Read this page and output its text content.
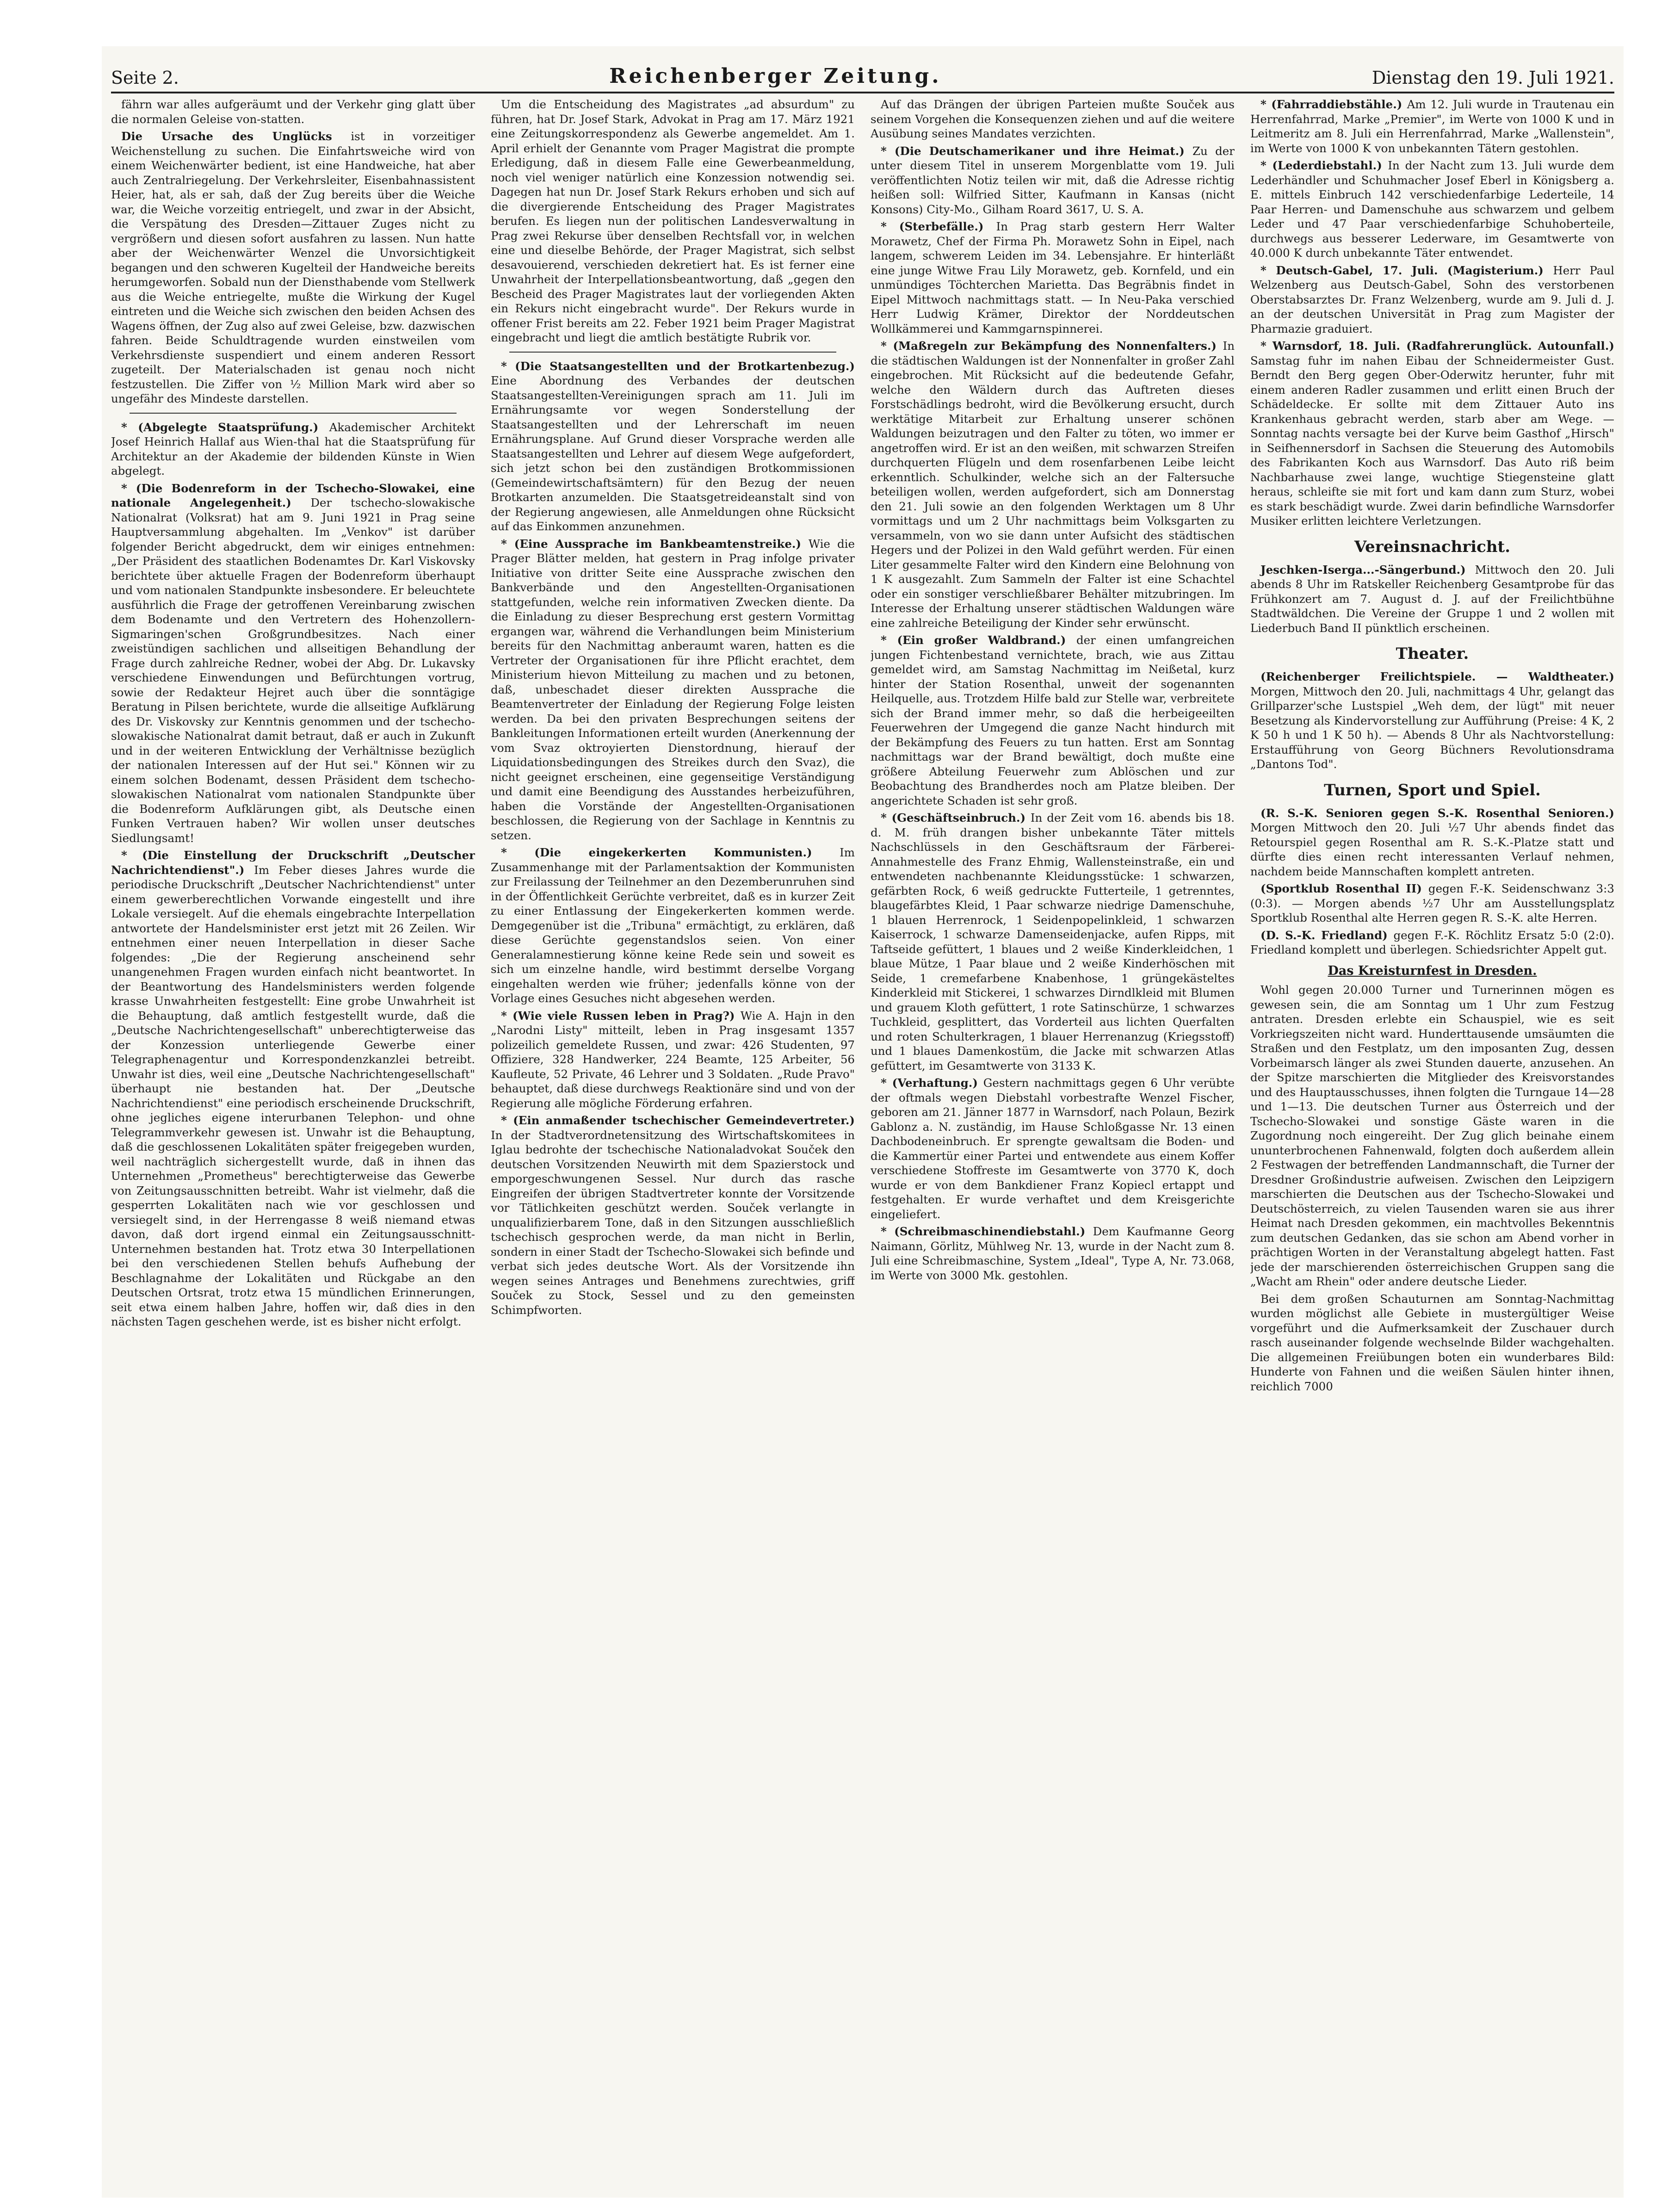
Seite 2.	Reichenberger Zeitung.	Dienstag den 19. Juli 1921.

fährn war alles aufgeräumt und der Verkehr ging glatt über die normalen Geleise von-statten.

Die Ursache des Unglücks ist in vorzeitiger Weichenstellung zu suchen. Die Einfahrtsweiche wird von einem Weichenwärter bedient, ist eine Handweiche, hat aber auch Zentralriegelung. Der Verkehrsleiter, Eisenbahnassistent Heier, hat, als er sah, daß der Zug bereits über die Weiche war, die Weiche vorzeitig entriegelt, und zwar in der Absicht, die Verspätung des Dresden—Zittauer Zuges nicht zu vergrößern und diesen sofort ausfahren zu lassen. Nun hatte aber der Weichenwärter Wenzel die Unvorsichtigkeit begangen und den schweren Kugelteil der Handweiche bereits herumgeworfen. Sobald nun der Diensthabende vom Stellwerk aus die Weiche entriegelte, mußte die Wirkung der Kugel eintreten und die Weiche sich zwischen den beiden Achsen des Wagens öffnen, der Zug also auf zwei Geleise, bzw. dazwischen fahren. Beide Schuldtragende wurden einstweilen vom Verkehrsdienste suspendiert und einem anderen Ressort zugeteilt. Der Materialschaden ist genau noch nicht festzustellen. Die Ziffer von ½ Million Mark wird aber so ungefähr des Mindeste darstellen.

* (Abgelegte Staatsprüfung.) Akademischer Architekt Josef Heinrich Hallaf aus Wien-thal hat die Staatsprüfung für Architektur an der Akademie der bildenden Künste in Wien abgelegt.

* (Die Bodenreform in der Tschecho-Slowakei, eine nationale Angelegenheit.) Der tschecho-slowakische Nationalrat (Volksrat) hat am 9. Juni 1921 in Prag seine Hauptversammlung abgehalten. Im „Venkov" ist darüber folgender Bericht abgedruckt, dem wir einiges entnehmen: „Der Präsident des staatlichen Bodenamtes Dr. Karl Viskovsky berichtete über aktuelle Fragen der Bodenreform überhaupt und vom nationalen Standpunkte insbesondere. Er beleuchtete ausführlich die Frage der getroffenen Vereinbarung zwischen dem Bodenamte und den Vertretern des Hohenzollern-Sigmaringen'schen Großgrundbesitzes. Nach einer zweistündigen sachlichen und allseitigen Behandlung der Frage durch zahlreiche Redner, wobei der Abg. Dr. Lukavsky verschiedene Einwendungen und Befürchtungen vortrug, sowie der Redakteur Hejret auch über die sonntägige Beratung in Pilsen berichtete, wurde die allseitige Aufklärung des Dr. Viskovsky zur Kenntnis genommen und der tschecho-slowakische Nationalrat damit betraut, daß er auch in Zukunft und in der weiteren Entwicklung der Verhältnisse bezüglich der nationalen Interessen auf der Hut sei." Können wir zu einem solchen Bodenamt, dessen Präsident dem tschecho-slowakischen Nationalrat vom nationalen Standpunkte über die Bodenreform Aufklärungen gibt, als Deutsche einen Funken Vertrauen haben? Wir wollen unser deutsches Siedlungsamt!

* (Die Einstellung der Druckschrift „Deutscher Nachrichtendienst".) Im Feber dieses Jahres wurde die periodische Druckschrift „Deutscher Nachrichtendienst" unter einem gewerberechtlichen Vorwande eingestellt und ihre Lokale versiegelt. Auf die ehemals eingebrachte Interpellation antwortete der Handelsminister erst jetzt mit 26 Zeilen. Wir entnehmen einer neuen Interpellation in dieser Sache folgendes: „Die der Regierung anscheinend sehr unangenehmen Fragen wurden einfach nicht beantwortet. In der Beantwortung des Handelsministers werden folgende krasse Unwahrheiten festgestellt: Eine grobe Unwahrheit ist die Behauptung, daß amtlich festgestellt wurde, daß die „Deutsche Nachrichtengesellschaft" unberechtigterweise das der Konzession unterliegende Gewerbe einer Telegraphenagentur und Korrespondenzkanzlei betreibt. Unwahr ist dies, weil eine „Deutsche Nachrichtengesellschaft" überhaupt nie bestanden hat. Der „Deutsche Nachrichtendienst" eine periodisch erscheinende Druckschrift, ohne jegliches eigene interurbanen Telephon- und ohne Telegrammverkehr gewesen ist. Unwahr ist die Behauptung, daß die geschlossenen Lokalitäten später freigegeben wurden, weil nachträglich sichergestellt wurde, daß in ihnen das Unternehmen „Prometheus" berechtigterweise das Gewerbe von Zeitungsausschnitten betreibt. Wahr ist vielmehr, daß die gesperrten Lokalitäten nach wie vor geschlossen und versiegelt sind, in der Herrengasse 8 weiß niemand etwas davon, daß dort irgend einmal ein Zeitungsausschnitt-Unternehmen bestanden hat. Trotz etwa 30 Interpellationen bei den verschiedenen Stellen behufs Aufhebung der Beschlagnahme der Lokalitäten und Rückgabe an den Deutschen Ortsrat, trotz etwa 15 mündlichen Erinnerungen, seit etwa einem halben Jahre, hoffen wir, daß dies in den nächsten Tagen geschehen werde, ist es bisher nicht erfolgt.

Um die Entscheidung des Magistrates „ad absurdum" zu führen, hat Dr. Josef Stark, Advokat in Prag am 17. März 1921 eine Zeitungskorrespondenz als Gewerbe angemeldet. Am 1. April erhielt der Genannte vom Prager Magistrat die prompte Erledigung, daß in diesem Falle eine Gewerbeanmeldung, noch viel weniger natürlich eine Konzession notwendig sei. Dagegen hat nun Dr. Josef Stark Rekurs erhoben und sich auf die divergierende Entscheidung des Prager Magistrates berufen. Es liegen nun der politischen Landesverwaltung in Prag zwei Rekurse über denselben Rechtsfall vor, in welchen eine und dieselbe Behörde, der Prager Magistrat, sich selbst desavouierend, verschieden dekretiert hat. Es ist ferner eine Unwahrheit der Interpellationsbeantwortung, daß „gegen den Bescheid des Prager Magistrates laut der vorliegenden Akten ein Rekurs nicht eingebracht wurde". Der Rekurs wurde in offener Frist bereits am 22. Feber 1921 beim Prager Magistrat eingebracht und liegt die amtlich bestätigte Rubrik vor.

* (Die Staatsangestellten und der Brotkartenbezug.) Eine Abordnung des Verbandes der deutschen Staatsangestellten-Vereinigungen sprach am 11. Juli im Ernährungsamte vor wegen Sonderstellung der Staatsangestellten und der Lehrerschaft im neuen Ernährungsplane. Auf Grund dieser Vorsprache werden alle Staatsangestellten und Lehrer auf diesem Wege aufgefordert, sich jetzt schon bei den zuständigen Brotkommissionen (Gemeindewirtschaftsämtern) für den Bezug der neuen Brotkarten anzumelden. Die Staatsgetreideanstalt sind von der Regierung angewiesen, alle Anmeldungen ohne Rücksicht auf das Einkommen anzunehmen.

* (Eine Aussprache im Bankbeamtenstreike.) Wie die Prager Blätter melden, hat gestern in Prag infolge privater Initiative von dritter Seite eine Aussprache zwischen den Bankverbände und den Angestellten-Organisationen stattgefunden, welche rein informativen Zwecken diente. Da die Einladung zu dieser Besprechung erst gestern Vormittag ergangen war, während die Verhandlungen beim Ministerium bereits für den Nachmittag anberaumt waren, hatten es die Vertreter der Organisationen für ihre Pflicht erachtet, dem Ministerium hievon Mitteilung zu machen und zu betonen, daß, unbeschadet dieser direkten Aussprache die Beamtenvertreter der Einladung der Regierung Folge leisten werden. Da bei den privaten Besprechungen seitens der Bankleitungen Informationen erteilt wurden (Anerkennung der vom Svaz oktroyierten Dienstordnung, hierauf der Liquidationsbedingungen des Streikes durch den Svaz), die nicht geeignet erscheinen, eine gegenseitige Verständigung und damit eine Beendigung des Ausstandes herbeizuführen, haben die Vorstände der Angestellten-Organisationen beschlossen, die Regierung von der Sachlage in Kenntnis zu setzen.

* (Die eingekerkerten Kommunisten.) Im Zusammenhange mit der Parlamentsaktion der Kommunisten zur Freilassung der Teilnehmer an den Dezemberunruhen sind in der Öffentlichkeit Gerüchte verbreitet, daß es in kurzer Zeit zu einer Entlassung der Eingekerkerten kommen werde. Demgegenüber ist die „Tribuna" ermächtigt, zu erklären, daß diese Gerüchte gegenstandslos seien. Von einer Generalamnestierung könne keine Rede sein und soweit es sich um einzelne handle, wird bestimmt derselbe Vorgang eingehalten werden wie früher; jedenfalls könne von der Vorlage eines Gesuches nicht abgesehen werden.

* (Wie viele Russen leben in Prag?) Wie A. Hajn in den „Narodni Listy" mitteilt, leben in Prag insgesamt 1357 polizeilich gemeldete Russen, und zwar: 426 Studenten, 97 Offiziere, 328 Handwerker, 224 Beamte, 125 Arbeiter, 56 Kaufleute, 52 Private, 46 Lehrer und 3 Soldaten. „Rude Pravo" behauptet, daß diese durchwegs Reaktionäre sind und von der Regierung alle mögliche Förderung erfahren.

* (Ein anmaßender tschechischer Gemeindevertreter.) In der Stadtverordnetensitzung des Wirtschaftskomitees in Iglau bedrohte der tschechische Nationaladvokat Souček den deutschen Vorsitzenden Neuwirth mit dem Spazierstock und emporgeschwungenen Sessel. Nur durch das rasche Eingreifen der übrigen Stadtvertreter konnte der Vorsitzende vor Tätlichkeiten geschützt werden. Souček verlangte in unqualifizierbarem Tone, daß in den Sitzungen ausschließlich tschechisch gesprochen werde, da man nicht in Berlin, sondern in einer Stadt der Tschecho-Slowakei sich befinde und verbat sich jedes deutsche Wort. Als der Vorsitzende ihn wegen seines Antrages und Benehmens zurechtwies, griff Souček zu Stock, Sessel und zu den gemeinsten Schimpfworten.

Auf das Drängen der übrigen Parteien mußte Souček aus seinem Vorgehen die Konsequenzen ziehen und auf die weitere Ausübung seines Mandates verzichten.

* (Die Deutschamerikaner und ihre Heimat.) Zu der unter diesem Titel in unserem Morgenblatte vom 19. Juli veröffentlichten Notiz teilen wir mit, daß die Adresse richtig heißen soll: Wilfried Sitter, Kaufmann in Kansas (nicht Konsons) City-Mo., Gilham Roard 3617, U. S. A.

* (Sterbefälle.) In Prag starb gestern Herr Walter Morawetz, Chef der Firma Ph. Morawetz Sohn in Eipel, nach langem, schwerem Leiden im 34. Lebensjahre. Er hinterläßt eine junge Witwe Frau Lily Morawetz, geb. Kornfeld, und ein unmündiges Töchterchen Marietta. Das Begräbnis findet in Eipel Mittwoch nachmittags statt. — In Neu-Paka verschied Herr Ludwig Krämer, Direktor der Norddeutschen Wollkämmerei und Kammgarnspinnerei.

* (Maßregeln zur Bekämpfung des Nonnenfalters.) In die städtischen Waldungen ist der Nonnenfalter in großer Zahl eingebrochen. Mit Rücksicht auf die bedeutende Gefahr, welche den Wäldern durch das Auftreten dieses Forstschädlings bedroht, wird die Bevölkerung ersucht, durch werktätige Mitarbeit zur Erhaltung unserer schönen Waldungen beizutragen und den Falter zu töten, wo immer er angetroffen wird. Er ist an den weißen, mit schwarzen Streifen durchquerten Flügeln und dem rosenfarbenen Leibe leicht erkenntlich. Schulkinder, welche sich an der Faltersuche beteiligen wollen, werden aufgefordert, sich am Donnerstag den 21. Juli sowie an den folgenden Werktagen um 8 Uhr vormittags und um 2 Uhr nachmittags beim Volksgarten zu versammeln, von wo sie dann unter Aufsicht des städtischen Hegers und der Polizei in den Wald geführt werden. Für einen Liter gesammelte Falter wird den Kindern eine Belohnung von 1 K ausgezahlt. Zum Sammeln der Falter ist eine Schachtel oder ein sonstiger verschließbarer Behälter mitzubringen. Im Interesse der Erhaltung unserer städtischen Waldungen wäre eine zahlreiche Beteiligung der Kinder sehr erwünscht.

* (Ein großer Waldbrand.) der einen umfangreichen jungen Fichtenbestand vernichtete, brach, wie aus Zittau gemeldet wird, am Samstag Nachmittag im Neißetal, kurz hinter der Station Rosenthal, unweit der sogenannten Heilquelle, aus. Trotzdem Hilfe bald zur Stelle war, verbreitete sich der Brand immer mehr, so daß die herbeigeeilten Feuerwehren der Umgegend die ganze Nacht hindurch mit der Bekämpfung des Feuers zu tun hatten. Erst am Sonntag nachmittags war der Brand bewältigt, doch mußte eine größere Abteilung Feuerwehr zum Ablöschen und zur Beobachtung des Brandherdes noch am Platze bleiben. Der angerichtete Schaden ist sehr groß.

* (Geschäftseinbruch.) In der Zeit vom 16. abends bis 18. d. M. früh drangen bisher unbekannte Täter mittels Nachschlüssels in den Geschäftsraum der Färberei-Annahmestelle des Franz Ehmig, Wallensteinstraße, ein und entwendeten nachbenannte Kleidungsstücke: 1 schwarzen, gefärbten Rock, 6 weiß gedruckte Futterteile, 1 getrenntes, blaugefärbtes Kleid, 1 Paar schwarze niedrige Damenschuhe, 1 blauen Herrenrock, 1 Seidenpopelinkleid, 1 schwarzen Kaiserrock, 1 schwarze Damenseidenjacke, aufen Ripps, mit Taftseide gefüttert, 1 blaues und 2 weiße Kinderkleidchen, 1 blaue Mütze, 1 Paar blaue und 2 weiße Kinderhöschen mit Seide, 1 cremefarbene Knabenhose, 1 grüngekästeltes Kinderkleid mit Stickerei, 1 schwarzes Dirndlkleid mit Blumen und grauem Kloth gefüttert, 1 rote Satinschürze, 1 schwarzes Tuchkleid, gesplittert, das Vorderteil aus lichten Querfalten und roten Schulterkragen, 1 blauer Herrenanzug (Kriegsstoff) und 1 blaues Damenkostüm, die Jacke mit schwarzen Atlas gefüttert, im Gesamtwerte von 3133 K.

* (Verhaftung.) Gestern nachmittags gegen 6 Uhr verübte der oftmals wegen Diebstahl vorbestrafte Wenzel Fischer, geboren am 21. Jänner 1877 in Warnsdorf, nach Polaun, Bezirk Gablonz a. N. zuständig, im Hause Schloßgasse Nr. 13 einen Dachbodeneinbruch. Er sprengte gewaltsam die Boden- und die Kammertür einer Partei und entwendete aus einem Koffer verschiedene Stoffreste im Gesamtwerte von 3770 K, doch wurde er von dem Bankdiener Franz Kopiecl ertappt und festgehalten. Er wurde verhaftet und dem Kreisgerichte eingeliefert.

* (Schreibmaschinendiebstahl.) Dem Kaufmanne Georg Naimann, Görlitz, Mühlweg Nr. 13, wurde in der Nacht zum 8. Juli eine Schreibmaschine, System „Ideal", Type A, Nr. 73.068, im Werte von 3000 Mk. gestohlen.

* (Fahrraddiebstähle.) Am 12. Juli wurde in Trautenau ein Herrenfahrrad, Marke „Premier", im Werte von 1000 K und in Leitmeritz am 8. Juli ein Herrenfahrrad, Marke „Wallenstein", im Werte von 1000 K von unbekannten Tätern gestohlen.

* (Lederdiebstahl.) In der Nacht zum 13. Juli wurde dem Lederhändler und Schuhmacher Josef Eberl in Königsberg a. E. mittels Einbruch 142 verschiedenfarbige Lederteile, 14 Paar Herren- und Damenschuhe aus schwarzem und gelbem Leder und 47 Paar verschiedenfarbige Schuhoberteile, durchwegs aus besserer Lederware, im Gesamtwerte von 40.000 K durch unbekannte Täter entwendet.

* Deutsch-Gabel, 17. Juli. (Magisterium.) Herr Paul Welzenberg aus Deutsch-Gabel, Sohn des verstorbenen Oberstabsarztes Dr. Franz Welzenberg, wurde am 9. Juli d. J. an der deutschen Universität in Prag zum Magister der Pharmazie graduiert.

* Warnsdorf, 18. Juli. (Radfahrerunglück. Autounfall.) Samstag fuhr im nahen Eibau der Schneidermeister Gust. Berndt den Berg gegen Ober-Oderwitz herunter, fuhr mit einem anderen Radler zusammen und erlitt einen Bruch der Schädeldecke. Er sollte mit dem Zittauer Auto ins Krankenhaus gebracht werden, starb aber am Wege. — Sonntag nachts versagte bei der Kurve beim Gasthof „Hirsch" in Seifhennersdorf in Sachsen die Steuerung des Automobils des Fabrikanten Koch aus Warnsdorf. Das Auto riß beim Nachbarhause zwei lange, wuchtige Stiegensteine glatt heraus, schleifte sie mit fort und kam dann zum Sturz, wobei es stark beschädigt wurde. Zwei darin befindliche Warnsdorfer Musiker erlitten leichtere Verletzungen.

Vereinsnachricht.

Jeschken-Iserga...-Sängerbund.) Mittwoch den 20. Juli abends 8 Uhr im Ratskeller Reichenberg Gesamtprobe für das Frühkonzert am 7. August d. J. auf der Freilichtbühne Stadtwäldchen. Die Vereine der Gruppe 1 und 2 wollen mit Liederbuch Band II pünktlich erscheinen.

Theater.

(Reichenberger Freilichtspiele. — Waldtheater.) Morgen, Mittwoch den 20. Juli, nachmittags 4 Uhr, gelangt das Grillparzer'sche Lustspiel „Weh dem, der lügt" mit neuer Besetzung als Kindervorstellung zur Aufführung (Preise: 4 K, 2 K 50 h und 1 K 50 h). — Abends 8 Uhr als Nachtvorstellung: Erstaufführung von Georg Büchners Revolutionsdrama „Dantons Tod".

Turnen, Sport und Spiel.

(R. S.-K. Senioren gegen S.-K. Rosenthal Senioren.) Morgen Mittwoch den 20. Juli ½7 Uhr abends findet das Retourspiel gegen Rosenthal am R. S.-K.-Platze statt und dürfte dies einen recht interessanten Verlauf nehmen, nachdem beide Mannschaften komplett antreten.

(Sportklub Rosenthal II) gegen F.-K. Seidenschwanz 3:3 (0:3). — Morgen abends ½7 Uhr am Ausstellungsplatz Sportklub Rosenthal alte Herren gegen R. S.-K. alte Herren.

(D. S.-K. Friedland) gegen F.-K. Röchlitz Ersatz 5:0 (2:0). Friedland komplett und überlegen. Schiedsrichter Appelt gut.

Das Kreisturnfest in Dresden.

Wohl gegen 20.000 Turner und Turnerinnen mögen es gewesen sein, die am Sonntag um 1 Uhr zum Festzug antraten. Dresden erlebte ein Schauspiel, wie es seit Vorkriegszeiten nicht ward. Hunderttausende umsäumten die Straßen und den Festplatz, um den imposanten Zug, dessen Vorbeimarsch länger als zwei Stunden dauerte, anzusehen. An der Spitze marschierten die Mitglieder des Kreisvorstandes und des Hauptausschusses, ihnen folgten die Turngaue 14—28 und 1—13. Die deutschen Turner aus Österreich und der Tschecho-Slowakei und sonstige Gäste waren in die Zugordnung noch eingereiht. Der Zug glich beinahe einem ununterbrochenen Fahnenwald, folgten doch außerdem allein 2 Festwagen der betreffenden Landmannschaft, die Turner der Dresdner Großindustrie aufweisen. Zwischen den Leipzigern marschierten die Deutschen aus der Tschecho-Slowakei und Deutschösterreich, zu vielen Tausenden waren sie aus ihrer Heimat nach Dresden gekommen, ein machtvolles Bekenntnis zum deutschen Gedanken, das sie schon am Abend vorher in prächtigen Worten in der Veranstaltung abgelegt hatten. Fast jede der marschierenden österreichischen Gruppen sang die „Wacht am Rhein" oder andere deutsche Lieder.

Bei dem großen Schauturnen am Sonntag-Nachmittag wurden möglichst alle Gebiete in mustergültiger Weise vorgeführt und die Aufmerksamkeit der Zuschauer durch rasch auseinander folgende wechselnde Bilder wachgehalten. Die allgemeinen Freiübungen boten ein wunderbares Bild: Hunderte von Fahnen und die weißen Säulen hinter ihnen, reichlich 7000
